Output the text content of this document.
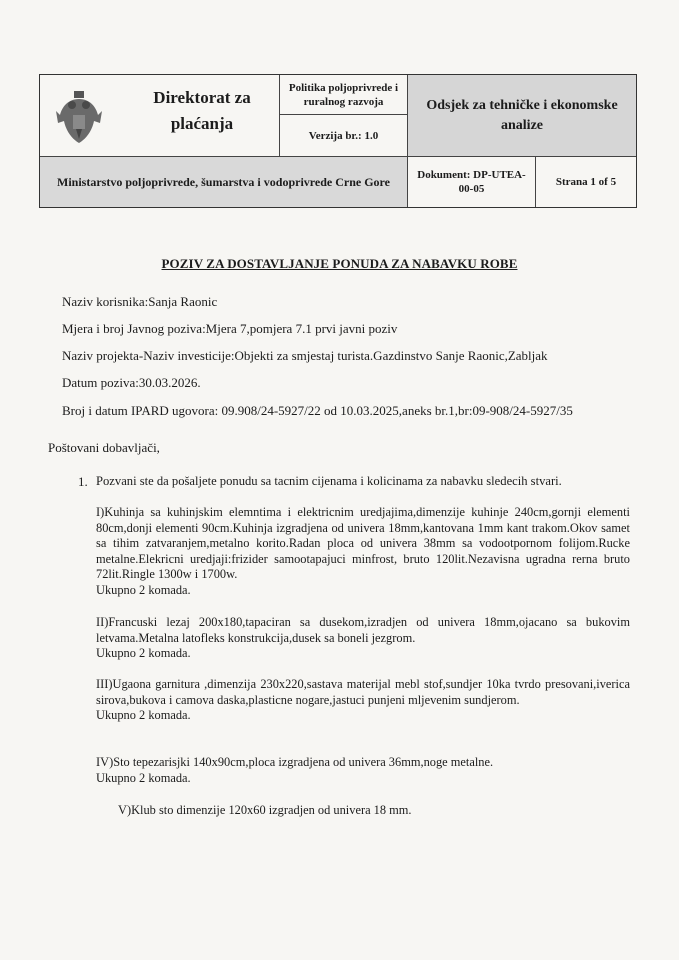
Direktorat za plaćanja
Politika poljoprivrede i ruralnog razvoja
Verzija br.: 1.0
Odsjek za tehničke i ekonomske analize
Ministarstvo poljoprivrede, šumarstva i vodoprivrede Crne Gore	Dokument: DP-UTEA-00-05
Strana 1 of 5
POZIV ZA DOSTAVLJANJE PONUDA ZA NABAVKU ROBE
Naziv korisnika:Sanja Raonic
Mjera i broj Javnog poziva:Mjera 7,pomjera 7.1 prvi javni poziv
Naziv projekta-Naziv investicije:Objekti za smjestaj turista.Gazdinstvo Sanje Raonic,Zabljak
Datum poziva:30.03.2026.
Broj i datum IPARD ugovora: 09.908/24-5927/22 od 10.03.2025,aneks br.1,br:09-908/24-5927/35
Poštovani dobavljači,
1. Pozvani ste da pošaljete ponudu sa tacnim cijenama i kolicinama za nabavku sledecih stvari.
I)Kuhinja sa kuhinjskim elemntima i elektricnim uredjajima,dimenzije kuhinje 240cm,gornji elementi 80cm,donji elementi 90cm.Kuhinja izgradjena od univera 18mm,kantovana 1mm kant trakom.Okov samet sa tihim zatvaranjem,metalno korito.Radan ploca od univera 38mm sa vodootpornom folijom.Rucke metalne.Elekricni uredjaji:frizider samootapajuci minfrost, bruto 120lit.Nezavisna ugradna rerna bruto 72lit.Ringle 1300w i 1700w.
Ukupno 2 komada.
II)Francuski lezaj 200x180,tapaciran sa dusekom,izradjen od univera 18mm,ojacano sa bukovim letvama.Metalna latofleks konstrukcija,dusek sa boneli jezgrom.
Ukupno 2 komada.
III)Ugaona garnitura ,dimenzija 230x220,sastava materijal mebl stof,sundjer 10ka tvrdo presovani,iverica sirova,bukova i camova daska,plasticne nogare,jastuci punjeni mljevenim sundjerom.
Ukupno 2 komada.
IV)Sto tepezarisjki 140x90cm,ploca izgradjena od univera 36mm,noge metalne.
Ukupno 2 komada.
V)Klub sto dimenzije 120x60 izgradjen od univera 18 mm.
